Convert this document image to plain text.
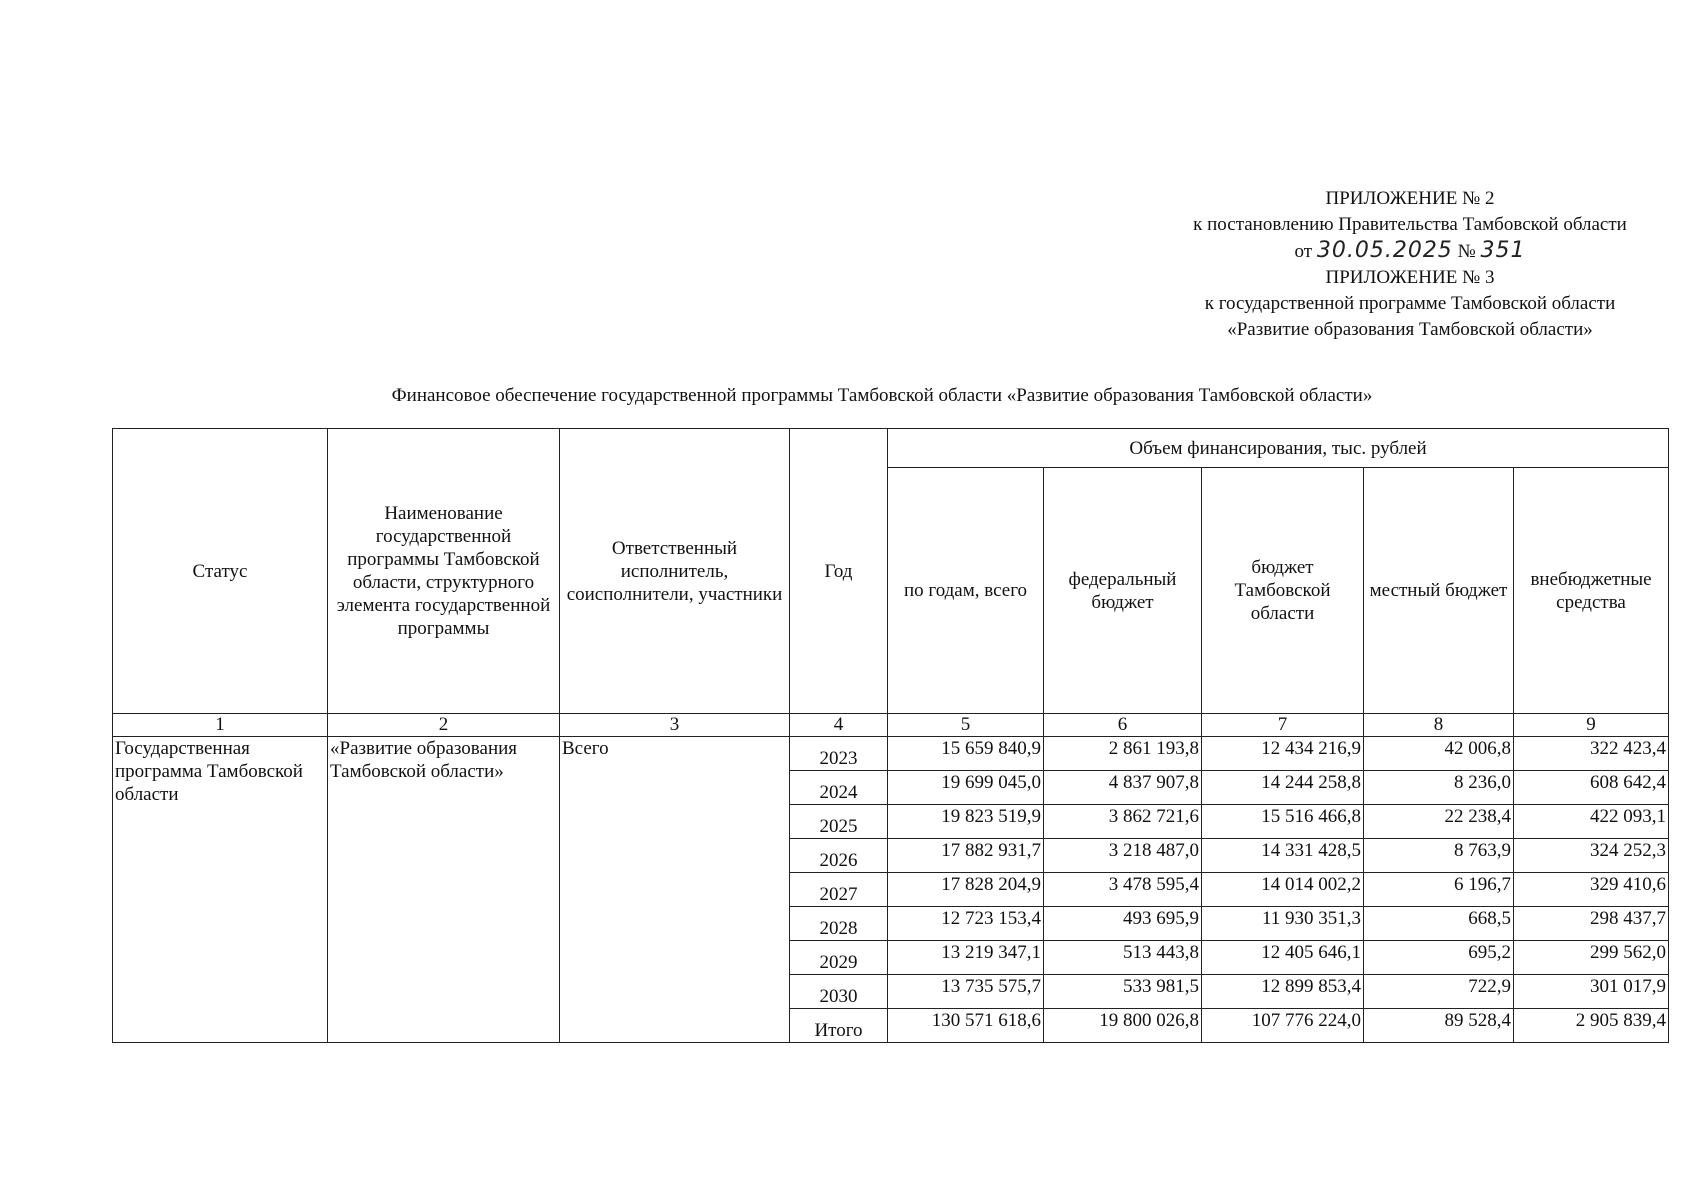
ПРИЛОЖЕНИЕ № 2
к постановлению Правительства Тамбовской области
от 30.05.2025 № 351
ПРИЛОЖЕНИЕ № 3
к государственной программе Тамбовской области
«Развитие образования Тамбовской области»
Финансовое обеспечение государственной программы Тамбовской области «Развитие образования Тамбовской области»
Статус	Наименование государственной программы Тамбовской области, структурного элемента государственной программы	Ответственный исполнитель, соисполнители, участники	Год	Объем финансирования, тыс. рублей				
				по годам, всего	федеральный бюджет	бюджет Тамбовской области	местный бюджет	внебюджетные средства
1	2	3	4	5	6	7	8	9
Государственная программа Тамбовской области	«Развитие образования Тамбовской области»	Всего	2023	15 659 840,9	2 861 193,8	12 434 216,9	42 006,8	322 423,4
			2024	19 699 045,0	4 837 907,8	14 244 258,8	8 236,0	608 642,4
			2025	19 823 519,9	3 862 721,6	15 516 466,8	22 238,4	422 093,1
			2026	17 882 931,7	3 218 487,0	14 331 428,5	8 763,9	324 252,3
			2027	17 828 204,9	3 478 595,4	14 014 002,2	6 196,7	329 410,6
			2028	12 723 153,4	493 695,9	11 930 351,3	668,5	298 437,7
			2029	13 219 347,1	513 443,8	12 405 646,1	695,2	299 562,0
			2030	13 735 575,7	533 981,5	12 899 853,4	722,9	301 017,9
			Итого	130 571 618,6	19 800 026,8	107 776 224,0	89 528,4	2 905 839,4
